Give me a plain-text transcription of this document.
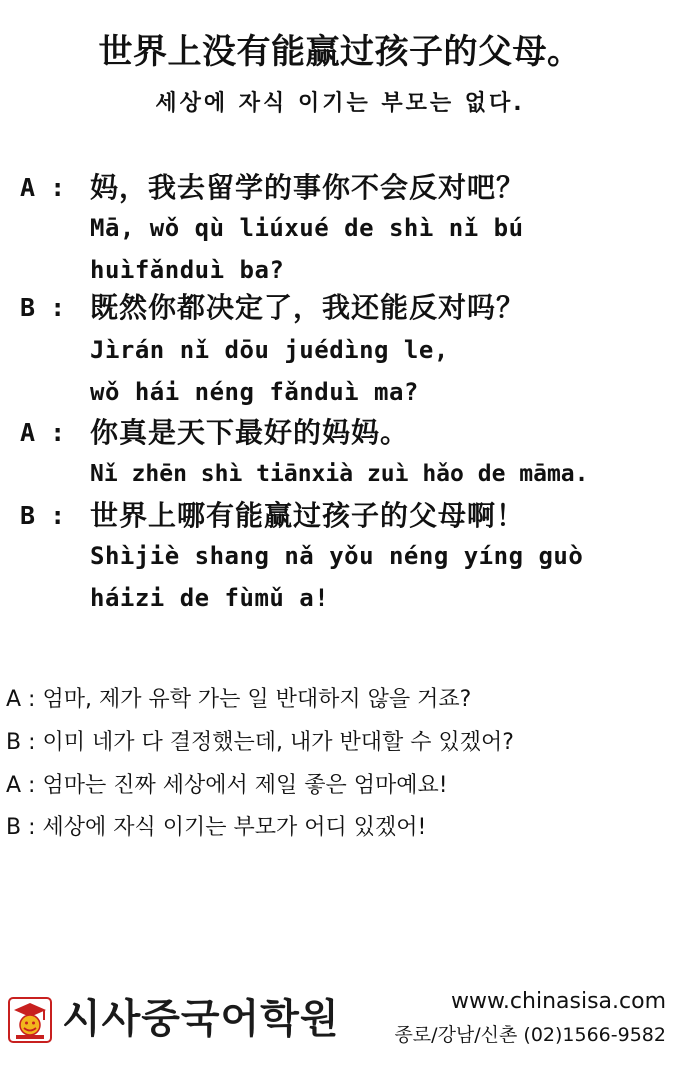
世界上没有能赢过孩子的父母。
세상에 자식 이기는 부모는 없다.
A : 妈，我去留学的事你不会反对吧？
Mā, wǒ qù liúxué de shì nǐ bú
huìfǎnduì ba?
B : 既然你都决定了，我还能反对吗？
Jìrán nǐ dōu juédìng le,
wǒ hái néng fǎnduì ma?
A : 你真是天下最好的妈妈。
Nǐ zhēn shì tiānxià zuì hǎo de māma.
B : 世界上哪有能赢过孩子的父母啊！
Shìjiè shang nǎ yǒu néng yíng guò
háizi de fùmǔ a!
A : 엄마, 제가 유학 가는 일 반대하지 않을 거죠?
B : 이미 네가 다 결정했는데, 내가 반대할 수 있겠어?
A : 엄마는 진짜 세상에서 제일 좋은 엄마예요!
B : 세상에 자식 이기는 부모가 어디 있겠어!
시사중국어학원	www.chinasisa.com
종로/강남/신촌 (02)1566-9582
